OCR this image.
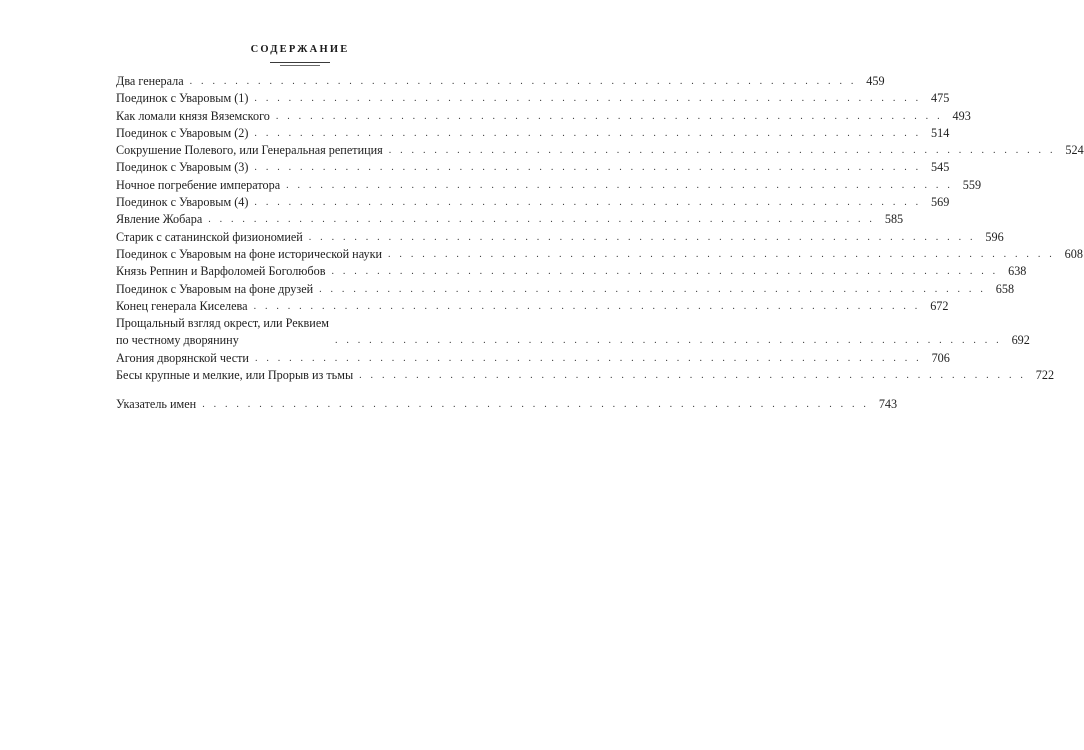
СОДЕРЖАНИЕ
Два генерала . . . . . . . . . . . . . . . . . . . . . . . . . . . . . . . . . . . . . . . . . . . . . . . . . . . . . . . . . . . 459
Поединок с Уваровым (1) . . . . . . . . . . . . . . . . . . . . . . . . . . . . . . . . . . . . . . . . . . . . . . . . . . . . . . . . . . . 475
Как ломали князя Вяземского . . . . . . . . . . . . . . . . . . . . . . . . . . . . . . . . . . . . . . . . . . . . . . . . . . . . . . . . . . . 493
Поединок с Уваровым (2) . . . . . . . . . . . . . . . . . . . . . . . . . . . . . . . . . . . . . . . . . . . . . . . . . . . . . . . . . . . 514
Сокрушение Полевого, или Генеральная репетиция . . . . . . . . . . . . . . . . . . . . . . . . . . . . . . . . . . . . . . . . . . . . . . . . . . . . . . . . . . . 524
Поединок с Уваровым (3) . . . . . . . . . . . . . . . . . . . . . . . . . . . . . . . . . . . . . . . . . . . . . . . . . . . . . . . . . . . 545
Ночное погребение императора . . . . . . . . . . . . . . . . . . . . . . . . . . . . . . . . . . . . . . . . . . . . . . . . . . . . . . . . . . . 559
Поединок с Уваровым (4) . . . . . . . . . . . . . . . . . . . . . . . . . . . . . . . . . . . . . . . . . . . . . . . . . . . . . . . . . . . 569
Явление Жобара . . . . . . . . . . . . . . . . . . . . . . . . . . . . . . . . . . . . . . . . . . . . . . . . . . . . . . . . . . . 585
Старик с сатанинской физиономией . . . . . . . . . . . . . . . . . . . . . . . . . . . . . . . . . . . . . . . . . . . . . . . . . . . . . . . . . . . 596
Поединок с Уваровым на фоне исторической науки . . . . . . . . . . . . . . . . . . . . . . . . . . . . . . . . . . . . . . . . . . . . . . . . . . . . . . . . . . . 608
Князь Репнин и Варфоломей Боголюбов . . . . . . . . . . . . . . . . . . . . . . . . . . . . . . . . . . . . . . . . . . . . . . . . . . . . . . . . . . . 638
Поединок с Уваровым на фоне друзей . . . . . . . . . . . . . . . . . . . . . . . . . . . . . . . . . . . . . . . . . . . . . . . . . . . . . . . . . . . 658
Конец генерала Киселева . . . . . . . . . . . . . . . . . . . . . . . . . . . . . . . . . . . . . . . . . . . . . . . . . . . . . . . . . . . 672
Прощальный взгляд окрест, или Реквием
по честному дворянину	. . . . . . . . . . . . . . . . . . . . . . . . . . . . . . . . . . . . . . . . . . . . . . . . . . . . . . . . . . . 692
Агония дворянской чести . . . . . . . . . . . . . . . . . . . . . . . . . . . . . . . . . . . . . . . . . . . . . . . . . . . . . . . . . . . 706
Бесы крупные и мелкие, или Прорыв из тьмы . . . . . . . . . . . . . . . . . . . . . . . . . . . . . . . . . . . . . . . . . . . . . . . . . . . . . . . . . . . 722
Указатель имен . . . . . . . . . . . . . . . . . . . . . . . . . . . . . . . . . . . . . . . . . . . . . . . . . . . . . . . . . . . 743
